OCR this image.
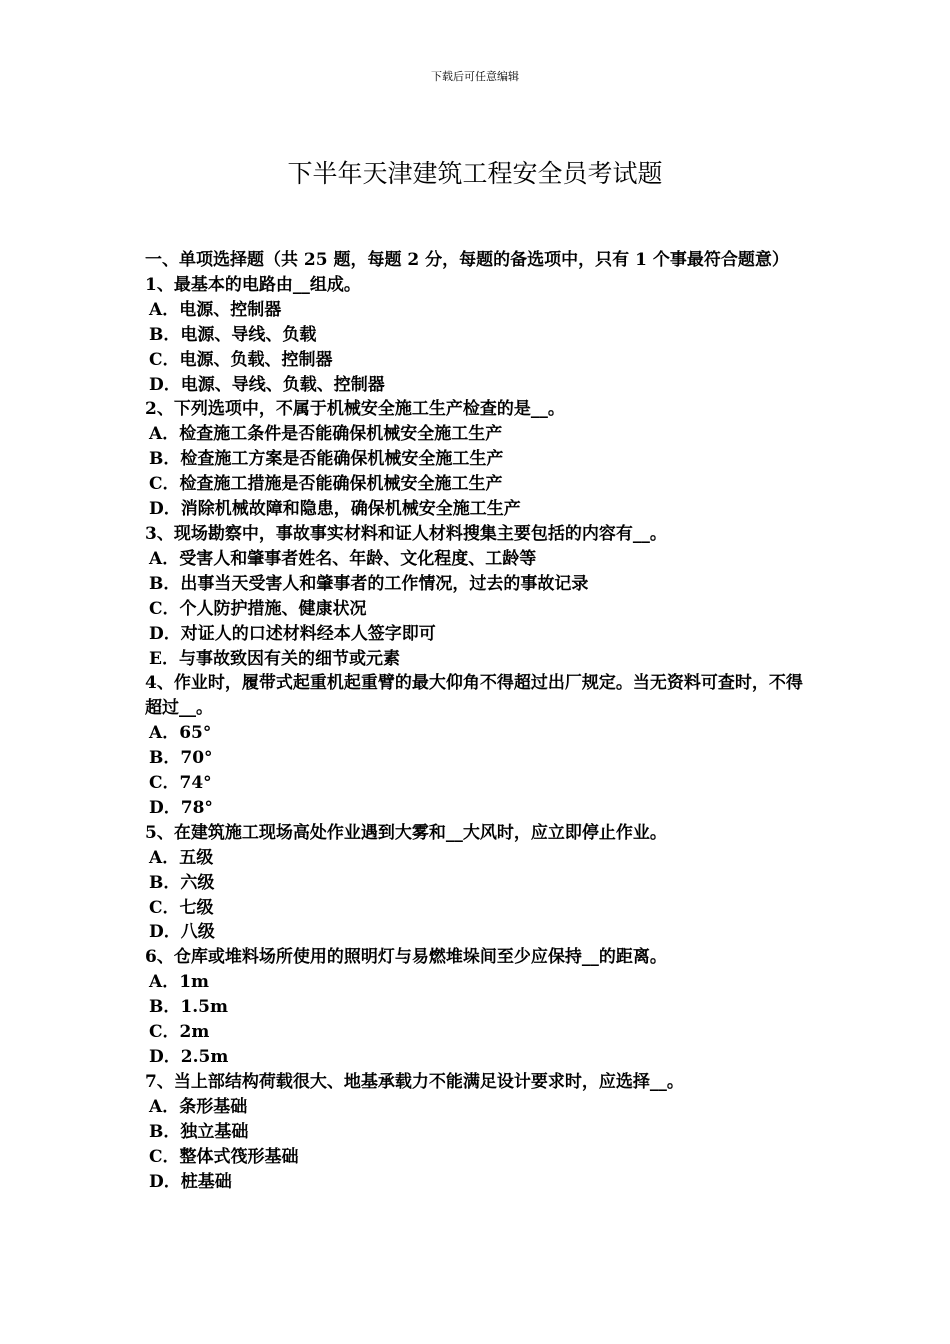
下载后可任意编辑
下半年天津建筑工程安全员考试题

一、单项选择题（共 25 题，每题 2 分，每题的备选项中，只有 1 个事最符合题意）

1、最基本的电路由__组成。

A．电源、控制器

B．电源、导线、负载

C．电源、负载、控制器

D．电源、导线、负载、控制器

2、下列选项中，不属于机械安全施工生产检查的是__。

A．检查施工条件是否能确保机械安全施工生产

B．检查施工方案是否能确保机械安全施工生产

C．检查施工措施是否能确保机械安全施工生产

D．消除机械故障和隐患，确保机械安全施工生产

3、现场勘察中，事故事实材料和证人材料搜集主要包括的内容有__。

A．受害人和肇事者姓名、年龄、文化程度、工龄等

B．出事当天受害人和肇事者的工作情况，过去的事故记录

C．个人防护措施、健康状况

D．对证人的口述材料经本人签字即可

E．与事故致因有关的细节或元素

4、作业时，履带式起重机起重臂的最大仰角不得超过出厂规定。当无资料可查时，不得超过__。

A．65°

B．70°

C．74°

D．78°

5、在建筑施工现场高处作业遇到大雾和__大风时，应立即停止作业。

A．五级

B．六级

C．七级

D．八级

6、仓库或堆料场所使用的照明灯与易燃堆垛间至少应保持__的距离。

A．1m

B．1.5m

C．2m

D．2.5m

7、当上部结构荷载很大、地基承载力不能满足设计要求时，应选择__。

A．条形基础

B．独立基础

C．整体式筏形基础

D．桩基础
